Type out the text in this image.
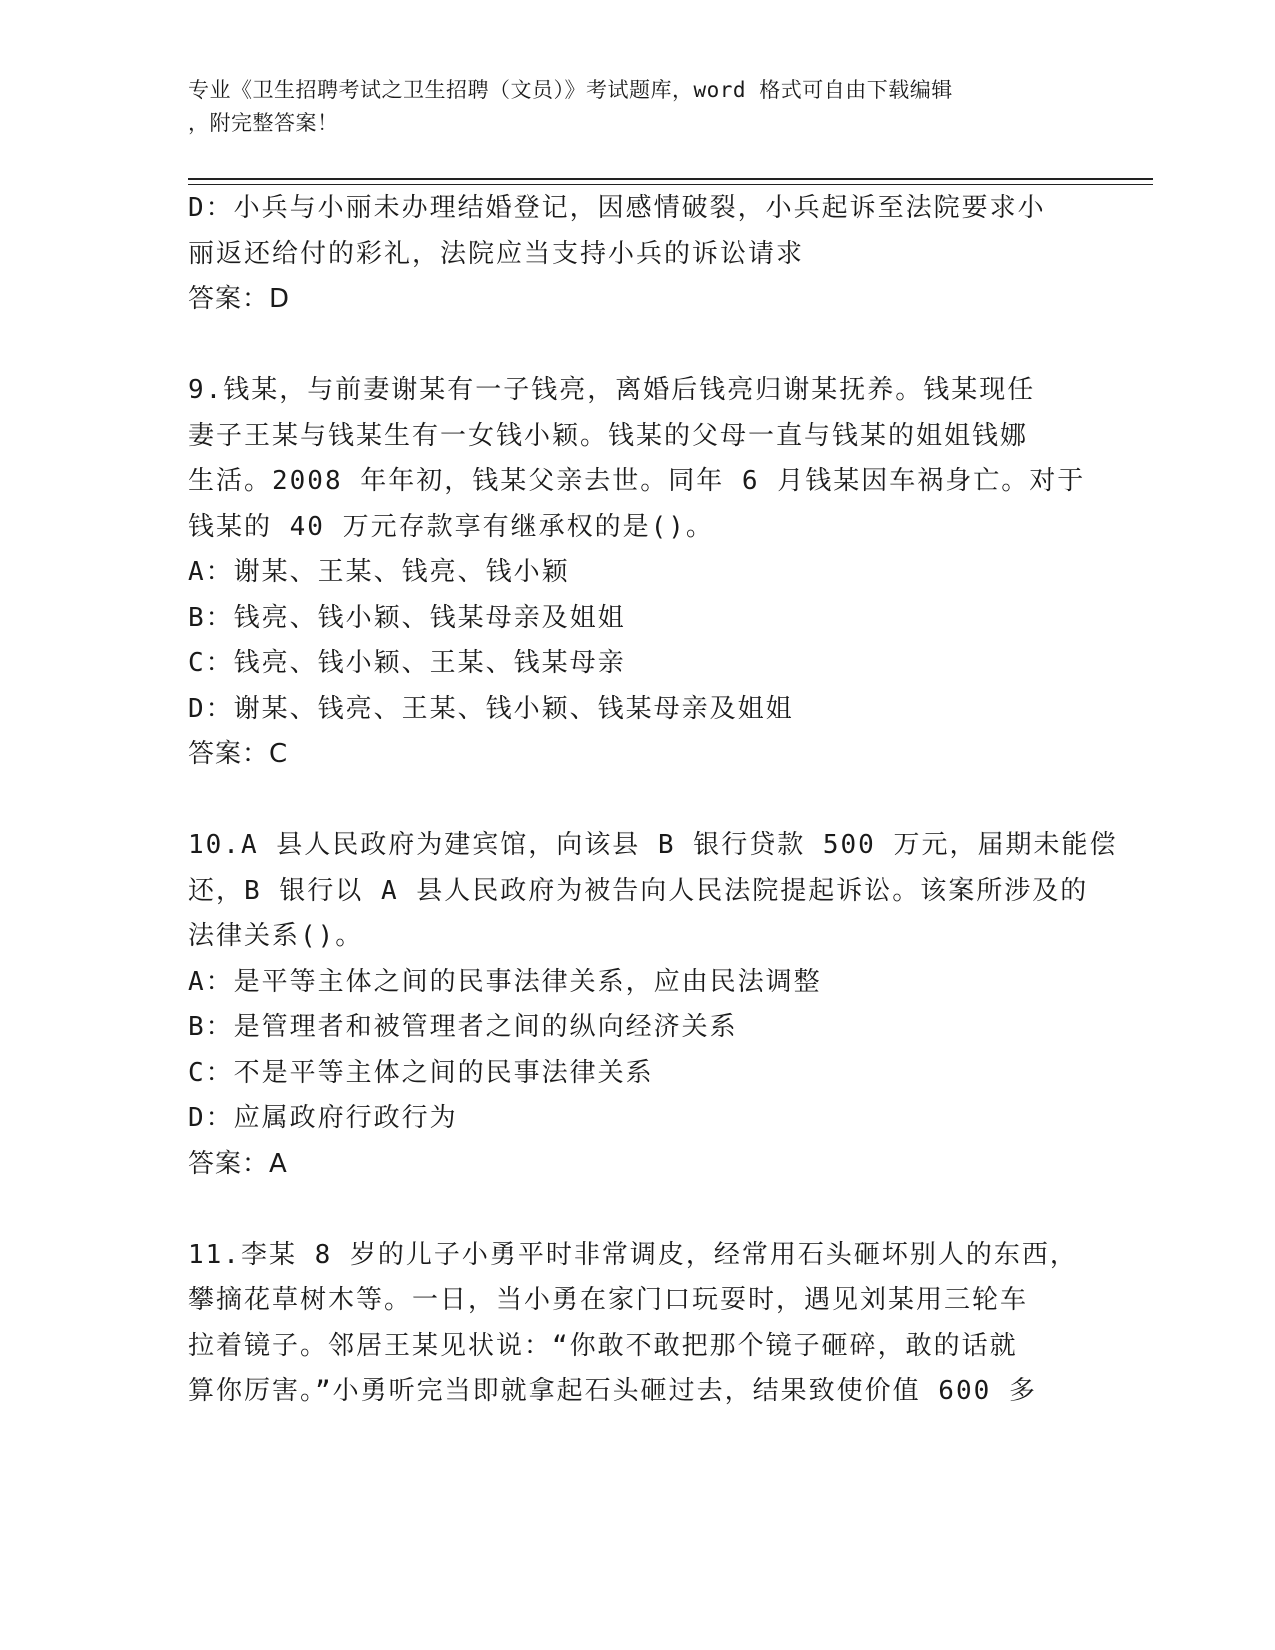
专业《卫生招聘考试之卫生招聘（文员）》考试题库，word 格式可自由下载编辑
，附完整答案！
D：小兵与小丽未办理结婚登记，因感情破裂，小兵起诉至法院要求小
丽返还给付的彩礼，法院应当支持小兵的诉讼请求
答案：D
9.钱某，与前妻谢某有一子钱亮，离婚后钱亮归谢某抚养。钱某现任
妻子王某与钱某生有一女钱小颖。钱某的父母一直与钱某的姐姐钱娜
生活。2008 年年初，钱某父亲去世。同年 6 月钱某因车祸身亡。对于
钱某的 40 万元存款享有继承权的是()。
A：谢某、王某、钱亮、钱小颖
B：钱亮、钱小颖、钱某母亲及姐姐
C：钱亮、钱小颖、王某、钱某母亲
D：谢某、钱亮、王某、钱小颖、钱某母亲及姐姐
答案：C
10.A 县人民政府为建宾馆，向该县 B 银行贷款 500 万元，届期未能偿
还，B 银行以 A 县人民政府为被告向人民法院提起诉讼。该案所涉及的
法律关系()。
A：是平等主体之间的民事法律关系，应由民法调整
B：是管理者和被管理者之间的纵向经济关系
C：不是平等主体之间的民事法律关系
D：应属政府行政行为
答案：A
11.李某 8 岁的儿子小勇平时非常调皮，经常用石头砸坏别人的东西，
攀摘花草树木等。一日，当小勇在家门口玩耍时，遇见刘某用三轮车
拉着镜子。邻居王某见状说：“你敢不敢把那个镜子砸碎，敢的话就
算你厉害。”小勇听完当即就拿起石头砸过去，结果致使价值 600 多
